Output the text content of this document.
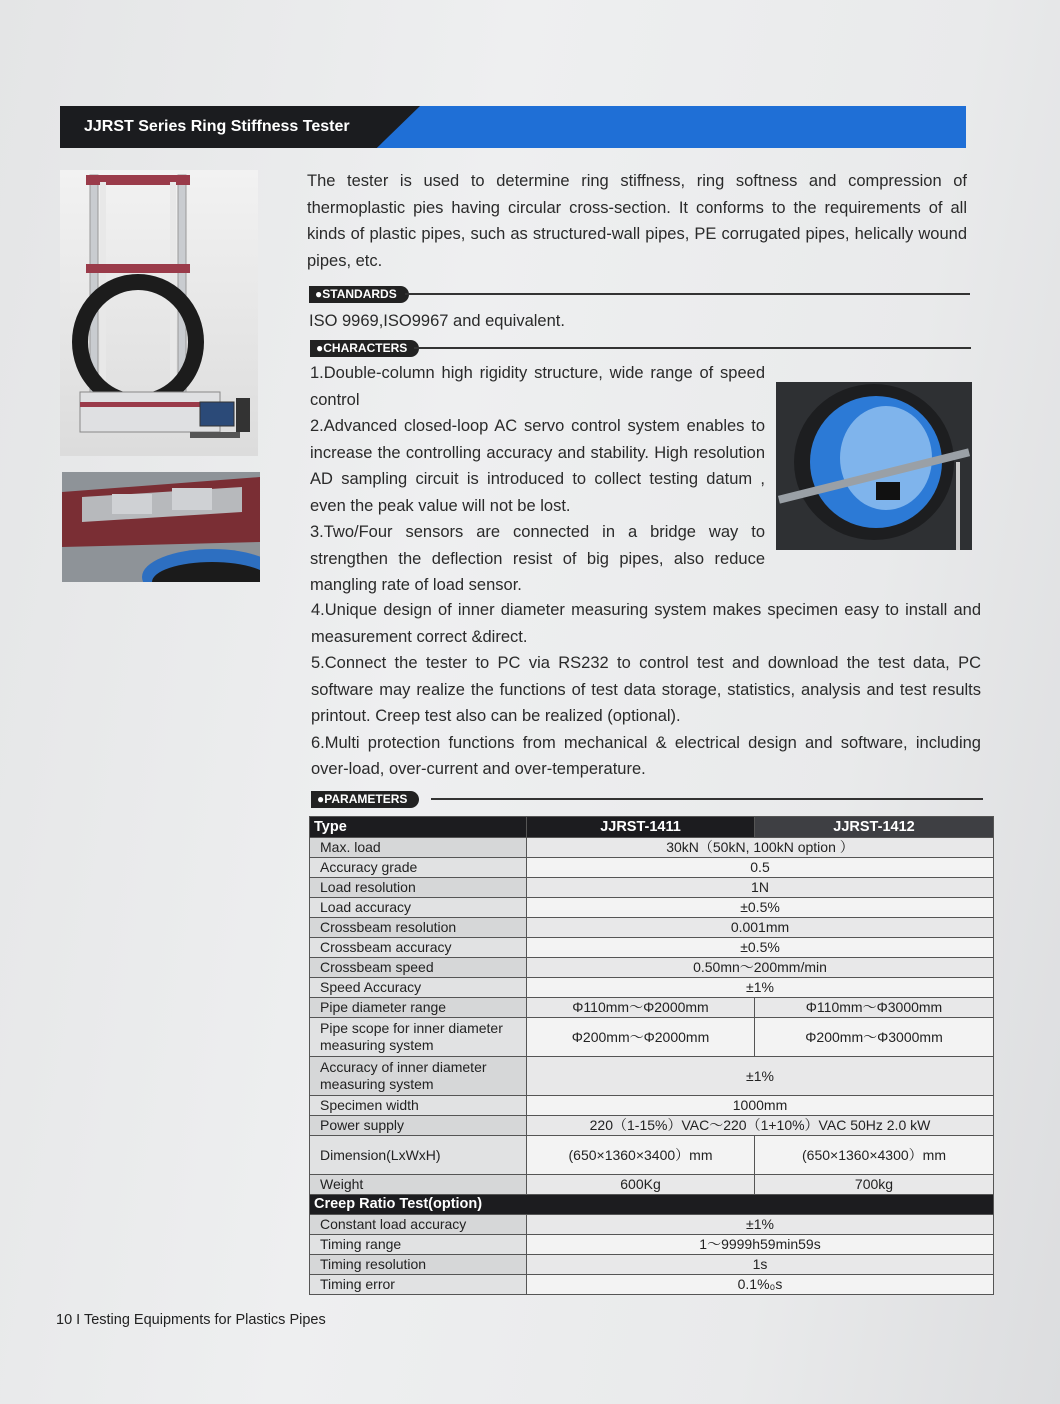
JJRST Series Ring Stiffness Tester

The tester is used to determine ring stiffness, ring softness and compression of thermoplastic pies having circular cross-section. It conforms to the requirements of all kinds of plastic pipes, such as structured-wall pipes, PE corrugated pipes, helically wound pipes, etc.

●STANDARDS
ISO 9969,ISO9967 and equivalent.
●CHARACTERS

1.Double-column high rigidity structure, wide range of speed control

2.Advanced closed-loop AC servo control system enables to increase the controlling accuracy and stability. High resolution AD sampling circuit is introduced to collect testing datum , even the peak value will not be lost.

3.Two/Four sensors are connected in a bridge way to strengthen the deflection resist of big pipes, also reduce mangling rate of load sensor.

4.Unique design of inner diameter measuring system makes specimen easy to install and measurement correct &direct.

5.Connect the tester to PC via RS232 to control test and download the test data, PC software may realize the functions of test data storage, statistics, analysis and test results printout. Creep test also can be realized (optional).

6.Multi protection functions from mechanical & electrical design and software, including over-load, over-current and over-temperature.

●PARAMETERS
Type	JJRST-1411	JJRST-1412
Max. load	30kN（50kN, 100kN option ）	
Accuracy grade	0.5	
Load resolution	1N	
Load accuracy	±0.5%	
Crossbeam resolution	0.001mm	
Crossbeam accuracy	±0.5%	
Crossbeam speed	0.50mn～200mm/min	
Speed Accuracy	±1%	
Pipe diameter range	Φ110mm～Φ2000mm	Φ110mm～Φ3000mm
Pipe scope for inner diameter measuring system	Φ200mm～Φ2000mm	Φ200mm～Φ3000mm
Accuracy of inner diameter measuring system	±1%	
Specimen width	1000mm	
Power supply	220（1-15%）VAC～220（1+10%）VAC 50Hz 2.0 kW	
Dimension(LxWxH)	(650×1360×3400）mm	(650×1360×4300）mm
Weight	600Kg	700kg
Creep Ratio Test(option)		
Constant load accuracy	±1%	
Timing range	1～9999h59min59s	
Timing resolution	1s	
Timing error	0.1%₀s	
10 I Testing Equipments for Plastics Pipes
